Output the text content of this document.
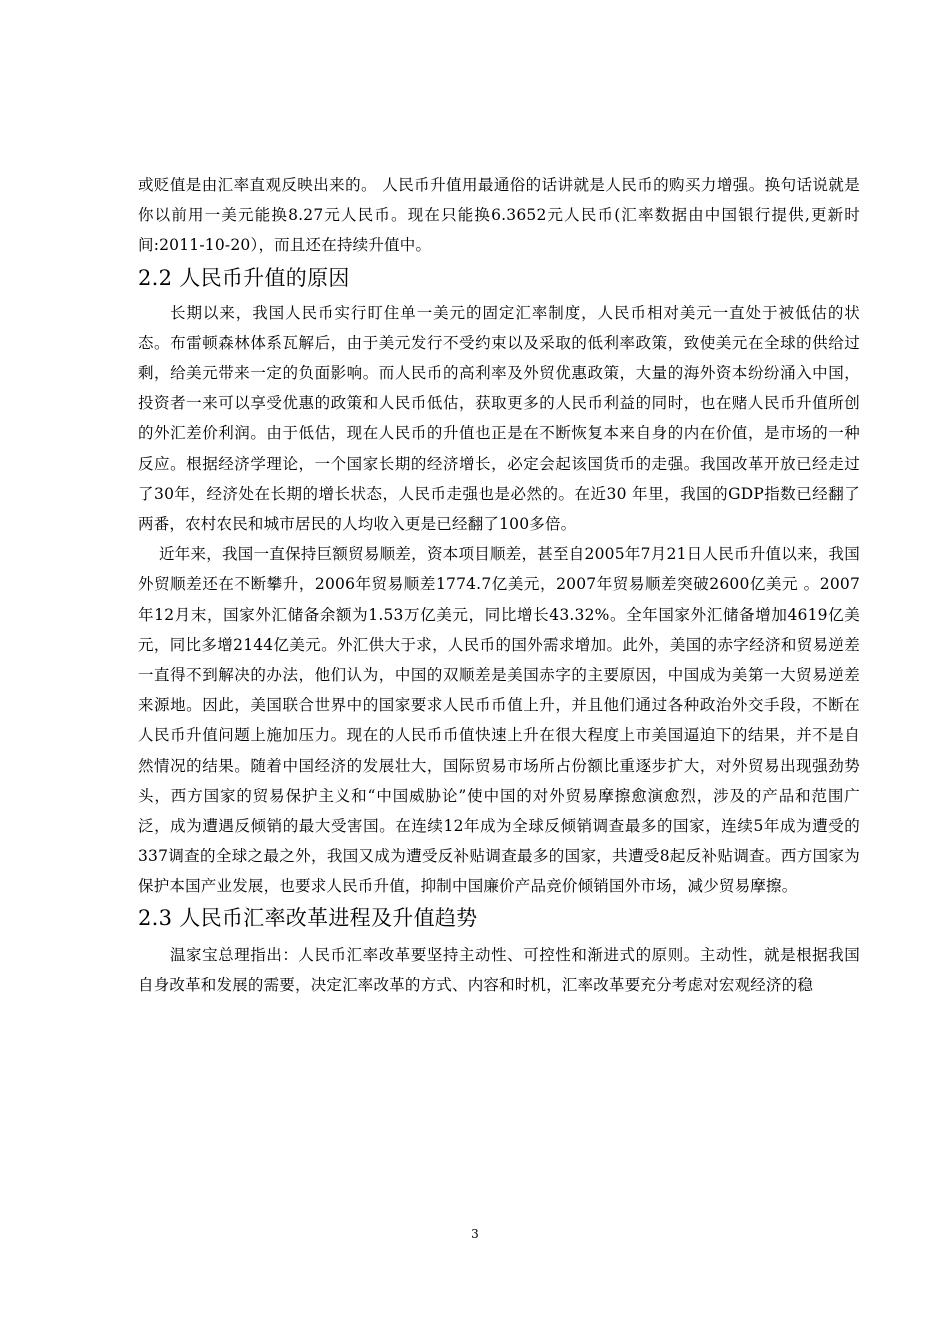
或贬值是由汇率直观反映出来的。 人民币升值用最通俗的话讲就是人民币的购买力增强。换句话说就是你以前用一美元能换8.27元人民币。现在只能换6.3652元人民币(汇率数据由中国银行提供,更新时间:2011-10-20），而且还在持续升值中。

2.2 人民币升值的原因

长期以来，我国人民币实行盯住单一美元的固定汇率制度，人民币相对美元一直处于被低估的状态。布雷顿森林体系瓦解后，由于美元发行不受约束以及采取的低利率政策，致使美元在全球的供给过剩，给美元带来一定的负面影响。而人民币的高利率及外贸优惠政策，大量的海外资本纷纷涌入中国，投资者一来可以享受优惠的政策和人民币低估，获取更多的人民币利益的同时，也在赌人民币升值所创的外汇差价利润。由于低估，现在人民币的升值也正是在不断恢复本来自身的内在价值，是市场的一种反应。根据经济学理论，一个国家长期的经济增长，必定会起该国货币的走强。我国改革开放已经走过了30年，经济处在长期的增长状态，人民币走强也是必然的。在近30 年里，我国的GDP指数已经翻了两番，农村农民和城市居民的人均收入更是已经翻了100多倍。

近年来，我国一直保持巨额贸易顺差，资本项目顺差，甚至自2005年7月21日人民币升值以来，我国外贸顺差还在不断攀升，2006年贸易顺差1774.7亿美元，2007年贸易顺差突破2600亿美元 。2007年12月末，国家外汇储备余额为1.53万亿美元，同比增长43.32%。全年国家外汇储备增加4619亿美元，同比多增2144亿美元。外汇供大于求，人民币的国外需求增加。此外，美国的赤字经济和贸易逆差一直得不到解决的办法，他们认为，中国的双顺差是美国赤字的主要原因，中国成为美第一大贸易逆差来源地。因此，美国联合世界中的国家要求人民币币值上升，并且他们通过各种政治外交手段，不断在人民币升值问题上施加压力。现在的人民币币值快速上升在很大程度上市美国逼迫下的结果，并不是自然情况的结果。随着中国经济的发展壮大，国际贸易市场所占份额比重逐步扩大，对外贸易出现强劲势头，西方国家的贸易保护主义和“中国威胁论”使中国的对外贸易摩擦愈演愈烈，涉及的产品和范围广泛，成为遭遇反倾销的最大受害国。在连续12年成为全球反倾销调查最多的国家，连续5年成为遭受的337调查的全球之最之外，我国又成为遭受反补贴调查最多的国家，共遭受8起反补贴调查。西方国家为保护本国产业发展，也要求人民币升值，抑制中国廉价产品竞价倾销国外市场，减少贸易摩擦。

2.3 人民币汇率改革进程及升值趋势

温家宝总理指出：人民币汇率改革要坚持主动性、可控性和渐进式的原则。主动性，就是根据我国自身改革和发展的需要，决定汇率改革的方式、内容和时机，汇率改革要充分考虑对宏观经济的稳

3
